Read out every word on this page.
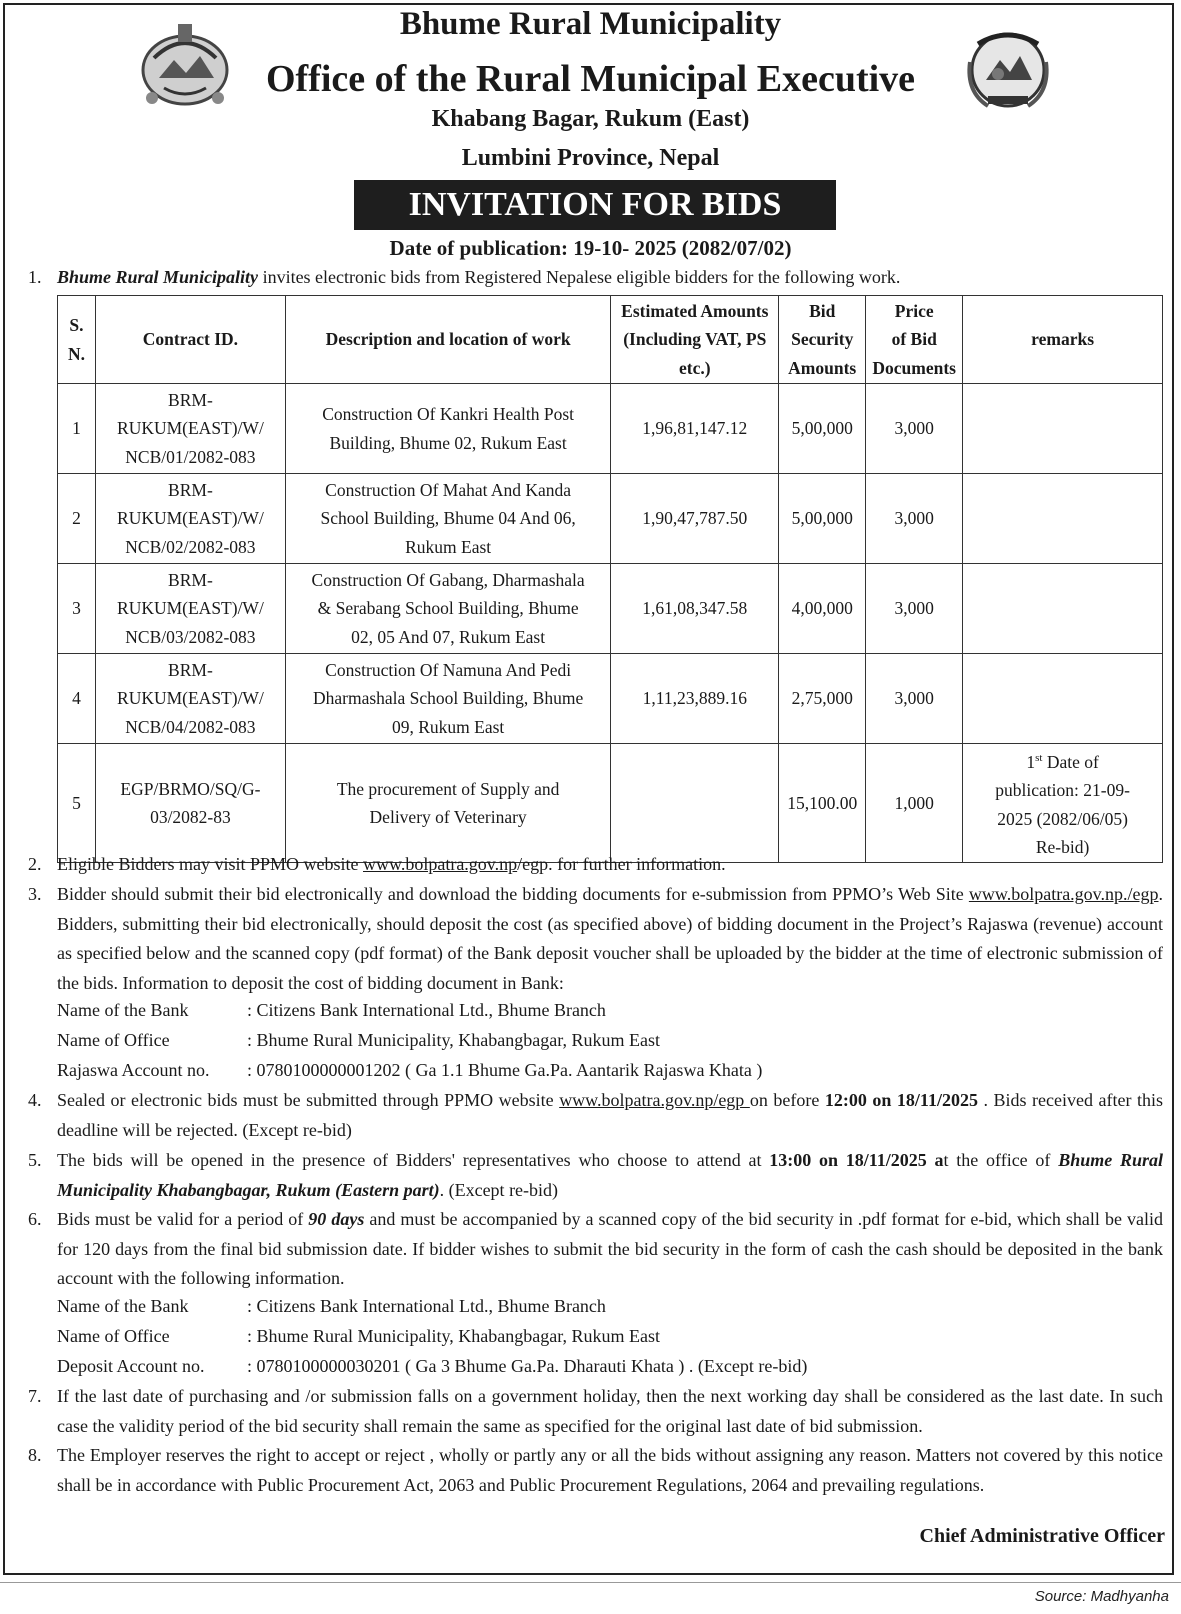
Bhume Rural Municipality
Office of the Rural Municipal Executive
Khabang Bagar, Rukum (East)
Lumbini Province, Nepal
INVITATION FOR BIDS
Date of publication: 19-10- 2025 (2082/07/02)
1. Bhume Rural Municipality invites electronic bids from Registered Nepalese eligible bidders for the following work.
S.
N.	Contract ID.	Description and location of work	Estimated Amounts
(Including VAT, PS
etc.)	Bid
Security
Amounts	Price
of Bid
Documents	remarks
1	BRM-
RUKUM(EAST)/W/
NCB/01/2082-083	Construction Of Kankri Health Post
Building, Bhume 02, Rukum East	1,96,81,147.12	5,00,000	3,000	
2	BRM-
RUKUM(EAST)/W/
NCB/02/2082-083	Construction Of Mahat And Kanda
School Building, Bhume 04 And 06,
Rukum East	1,90,47,787.50	5,00,000	3,000	
3	BRM-
RUKUM(EAST)/W/
NCB/03/2082-083	Construction Of Gabang, Dharmashala
& Serabang School Building, Bhume
02, 05 And 07, Rukum East	1,61,08,347.58	4,00,000	3,000	
4	BRM-
RUKUM(EAST)/W/
NCB/04/2082-083	Construction Of Namuna And Pedi
Dharmashala School Building, Bhume
09, Rukum East	1,11,23,889.16	2,75,000	3,000	
5	EGP/BRMO/SQ/G-
03/2082-83	The procurement of Supply and
Delivery of Veterinary		15,100.00	1,000	1st Date of
publication: 21-09-
2025 (2082/06/05)
Re-bid)
2. Eligible Bidders may visit PPMO website www.bolpatra.gov.np/egp. for further information.
3. Bidder should submit their bid electronically and download the bidding documents for e-submission from PPMO’s Web Site www.bolpatra.gov.np./egp. Bidders, submitting their bid electronically, should deposit the cost (as specified above) of bidding document in the Project’s Rajaswa (revenue) account as specified below and the scanned copy (pdf format) of the Bank deposit voucher shall be uploaded by the bidder at the time of electronic submission of the bids. Information to deposit the cost of bidding document in Bank:
Name of the Bank	: Citizens Bank International Ltd., Bhume Branch
Name of Office	: Bhume Rural Municipality, Khabangbagar, Rukum East
Rajaswa Account no. : 0780100000001202 ( Ga 1.1 Bhume Ga.Pa. Aantarik Rajaswa Khata )
4. Sealed or electronic bids must be submitted through PPMO website www.bolpatra.gov.np/egp on before 12:00 on 18/11/2025 . Bids received after this deadline will be rejected. (Except re-bid)
5. The bids will be opened in the presence of Bidders' representatives who choose to attend at 13:00 on 18/11/2025 at the office of Bhume Rural Municipality Khabangbagar, Rukum (Eastern part). (Except re-bid)
6. Bids must be valid for a period of 90 days and must be accompanied by a scanned copy of the bid security in .pdf format for e-bid, which shall be valid for 120 days from the final bid submission date. If bidder wishes to submit the bid security in the form of cash the cash should be deposited in the bank account with the following information.
Name of the Bank	: Citizens Bank International Ltd., Bhume Branch
Name of Office	: Bhume Rural Municipality, Khabangbagar, Rukum East
Deposit Account no. : 0780100000030201 ( Ga 3 Bhume Ga.Pa. Dharauti Khata ) . (Except re-bid)
7. If the last date of purchasing and /or submission falls on a government holiday, then the next working day shall be considered as the last date. In such case the validity period of the bid security shall remain the same as specified for the original last date of bid submission.
8. The Employer reserves the right to accept or reject , wholly or partly any or all the bids without assigning any reason. Matters not covered by this notice shall be in accordance with Public Procurement Act, 2063 and Public Procurement Regulations, 2064 and prevailing regulations.
Chief Administrative Officer
Source: Madhyanha
